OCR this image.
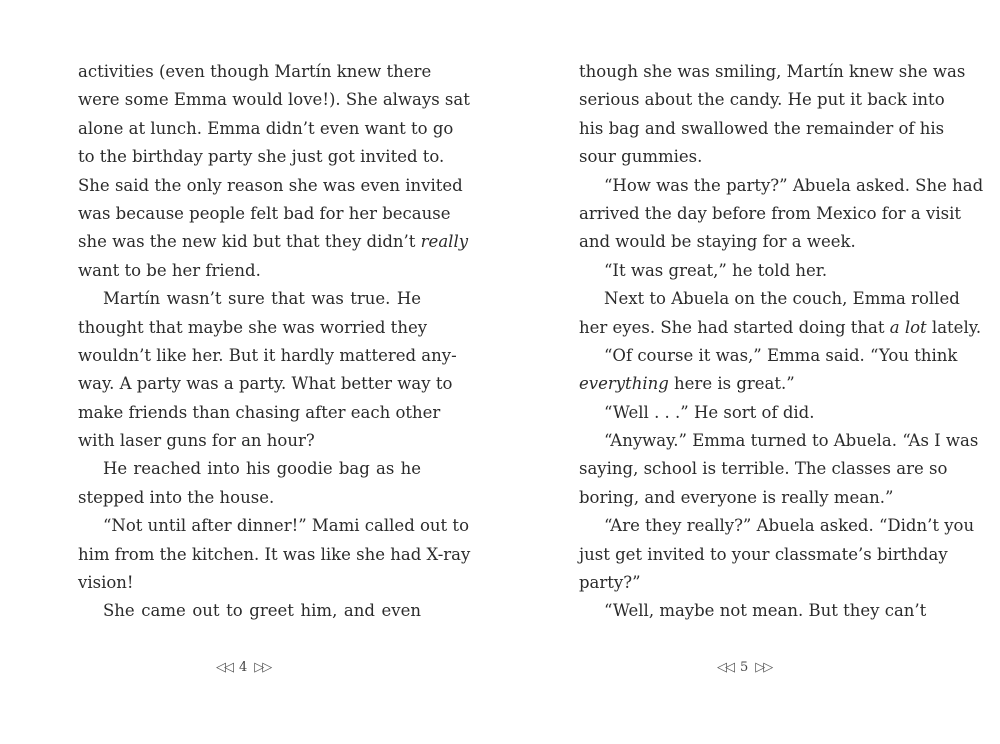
activities (even though Martín knew there
were some Emma would love!). She always sat
alone at lunch. Emma didn’t even want to go
to the birthday party she just got invited to.
She said the only reason she was even invited
was because people felt bad for her because
she was the new kid but that they didn’t really
want to be her friend.
Martín wasn’t sure that was true. He
thought that maybe she was worried they
wouldn’t like her. But it hardly mattered any-
way. A party was a party. What better way to
make friends than chasing after each other
with laser guns for an hour?
He reached into his goodie bag as he
stepped into the house.
“Not until after dinner!” Mami called out to
him from the kitchen. It was like she had X-ray
vision!
She came out to greet him, and even
though she was smiling, Martín knew she was
serious about the candy. He put it back into
his bag and swallowed the remainder of his
sour gummies.
“How was the party?” Abuela asked. She had
arrived the day before from Mexico for a visit
and would be staying for a week.
“It was great,” he told her.
Next to Abuela on the couch, Emma rolled
her eyes. She had started doing that a lot lately.
“Of course it was,” Emma said. “You think
everything here is great.”
“Well . . .” He sort of did.
“Anyway.” Emma turned to Abuela. “As I was
saying, school is terrible. The classes are so
boring, and everyone is really mean.”
“Are they really?” Abuela asked. “Didn’t you
just get invited to your classmate’s birthday
party?”
“Well, maybe not mean. But they can’t
◁◁ 4 ▷▷	◁◁ 5 ▷▷
